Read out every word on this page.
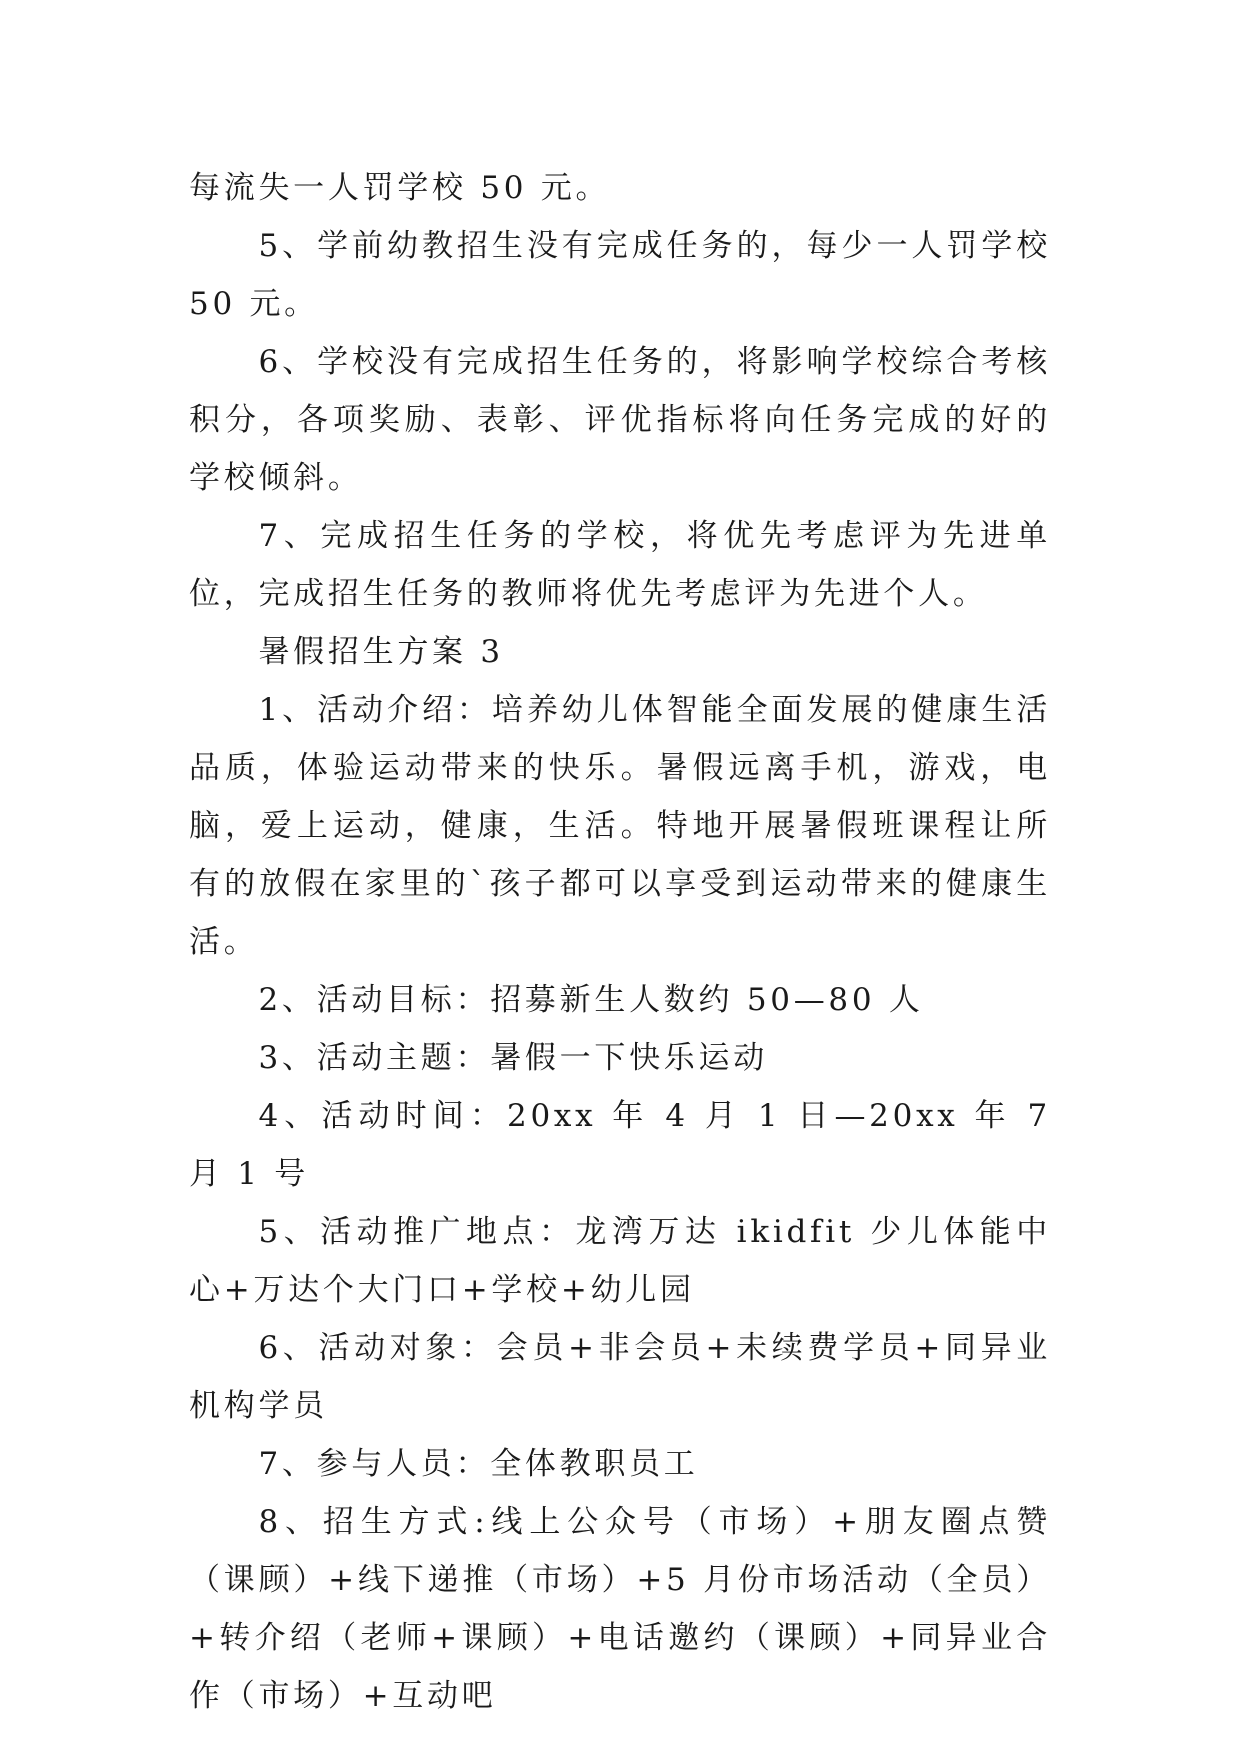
每流失一人罚学校 50 元。

5、学前幼教招生没有完成任务的，每少一人罚学校 50 元。

6、学校没有完成招生任务的，将影响学校综合考核积分，各项奖励、表彰、评优指标将向任务完成的好的学校倾斜。

7、完成招生任务的学校，将优先考虑评为先进单位，完成招生任务的教师将优先考虑评为先进个人。

暑假招生方案 3

1、活动介绍：培养幼儿体智能全面发展的健康生活品质，体验运动带来的快乐。暑假远离手机，游戏，电脑，爱上运动，健康，生活。特地开展暑假班课程让所有的放假在家里的`孩子都可以享受到运动带来的健康生活。

2、活动目标：招募新生人数约 50—80 人

3、活动主题：暑假一下快乐运动

4、活动时间：20xx 年 4 月 1 日—20xx 年 7 月 1 号

5、活动推广地点：龙湾万达 ikidfit 少儿体能中心+万达个大门口+学校+幼儿园

6、活动对象：会员+非会员+未续费学员+同异业机构学员

7、参与人员：全体教职员工

8、招生方式:线上公众号（市场）+朋友圈点赞（课顾）+线下递推（市场）+5 月份市场活动（全员）+转介绍（老师+课顾）+电话邀约（课顾）+同异业合作（市场）+互动吧
